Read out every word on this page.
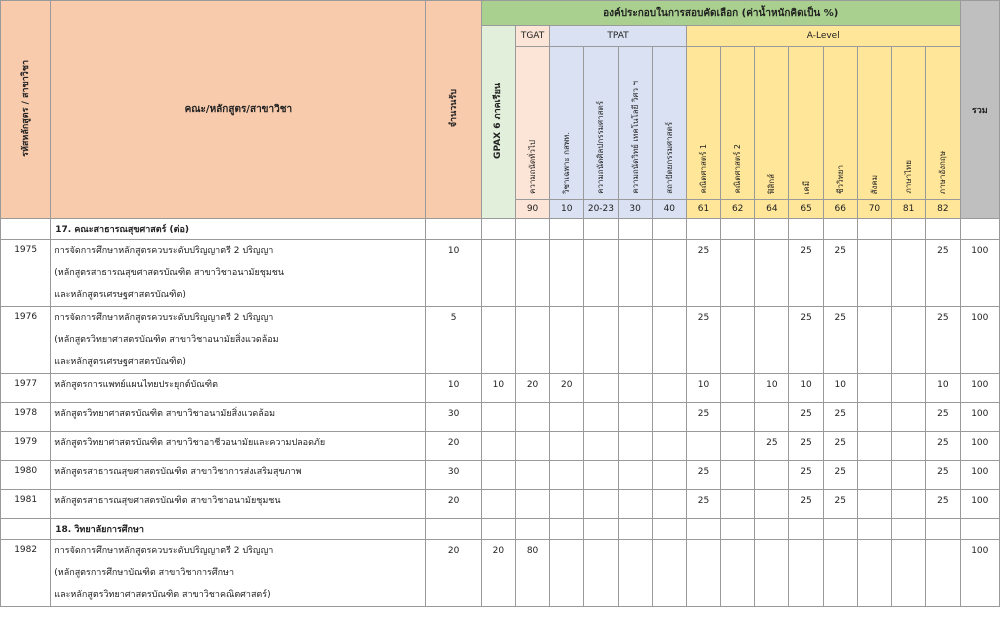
รหัสหลักสูตร / สาขาวิชา	คณะ/หลักสูตร/สาขาวิชา	จำนวนรับ	องค์ประกอบในการสอบคัดเลือก (ค่าน้ำหนักคิดเป็น %)														รวม
			GPAX 6 ภาคเรียน	TGAT	TPAT				A-Level								
				ความถนัดทั่วไป	วิชาเฉพาะ กสพท.	ความถนัดศิลปกรรมศาสตร์	ความถนัดวิทย์ เทคโนโลยี วิศว ฯ	สถาปัตยกรรมศาสตร์	คณิตศาสตร์ 1	คณิตศาสตร์ 2	ฟิสิกส์	เคมี	ชีววิทยา	สังคม	ภาษาไทย	ภาษาอังกฤษ	
				90	10	20-23	30	40	61	62	64	65	66	70	81	82	
	17. คณะสาธารณสุขศาสตร์ (ต่อ)																
1975	การจัดการศึกษาหลักสูตรควบระดับปริญญาตรี 2 ปริญญา
(หลักสูตรสาธารณสุขศาสตรบัณฑิต สาขาวิชาอนามัยชุมชน
และหลักสูตรเศรษฐศาสตรบัณฑิต)	10							25			25	25			25	100
1976	การจัดการศึกษาหลักสูตรควบระดับปริญญาตรี 2 ปริญญา
(หลักสูตรวิทยาศาสตรบัณฑิต สาขาวิชาอนามัยสิ่งแวดล้อม
และหลักสูตรเศรษฐศาสตรบัณฑิต)	5							25			25	25			25	100
1977	หลักสูตรการแพทย์แผนไทยประยุกต์บัณฑิต	10	10	20	20				10		10	10	10			10	100
1978	หลักสูตรวิทยาศาสตรบัณฑิต สาขาวิชาอนามัยสิ่งแวดล้อม	30							25			25	25			25	100
1979	หลักสูตรวิทยาศาสตรบัณฑิต สาขาวิชาอาชีวอนามัยและความปลอดภัย	20									25	25	25			25	100
1980	หลักสูตรสาธารณสุขศาสตรบัณฑิต สาขาวิชาการส่งเสริมสุขภาพ	30							25			25	25			25	100
1981	หลักสูตรสาธารณสุขศาสตรบัณฑิต สาขาวิชาอนามัยชุมชน	20							25			25	25			25	100
	18. วิทยาลัยการศึกษา																
1982	การจัดการศึกษาหลักสูตรควบระดับปริญญาตรี 2 ปริญญา
(หลักสูตรการศึกษาบัณฑิต สาขาวิชาการศึกษา
และหลักสูตรวิทยาศาสตรบัณฑิต สาขาวิชาคณิตศาสตร์)	20	20	80													100
